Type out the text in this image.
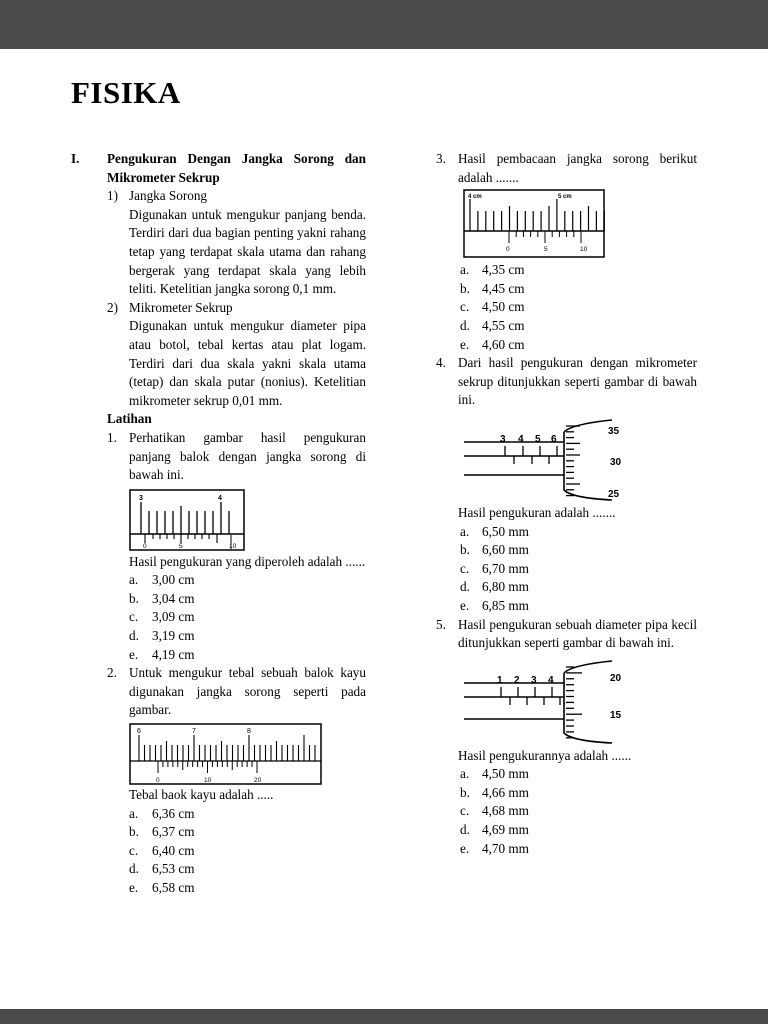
FISIKA
I. Pengukuran Dengan Jangka Sorong dan Mikrometer Sekrup
1) Jangka Sorong
Digunakan untuk mengukur panjang benda. Terdiri dari dua bagian penting yakni rahang tetap yang terdapat skala utama dan rahang bergerak yang terdapat skala yang lebih teliti. Ketelitian jangka sorong 0,1 mm.
2) Mikrometer Sekrup
Digunakan untuk mengukur diameter pipa atau botol, tebal kertas atau plat logam. Terdiri dari dua skala yakni skala utama (tetap) dan skala putar (nonius). Ketelitian mikrometer sekrup 0,01 mm.
Latihan
1. Perhatikan gambar hasil pengukuran panjang balok dengan jangka sorong di bawah ini.
3	4
0	5	10
Hasil pengukuran yang diperoleh adalah ......
a. 3,00 cm
b. 3,04 cm
c. 3,09 cm
d. 3,19 cm
e. 4,19 cm
2. Untuk mengukur tebal sebuah balok kayu digunakan jangka sorong seperti pada gambar.
6	7	8
0	10	20
Tebal baok kayu adalah .....
a. 6,36 cm
b. 6,37 cm
c. 6,40 cm
d. 6,53 cm
e. 6,58 cm
3. Hasil pembacaan jangka sorong berikut adalah .......
4 cm	5 cm
0	5	10
a. 4,35 cm
b. 4,45 cm
c. 4,50 cm
d. 4,55 cm
e. 4,60 cm
4. Dari hasil pengukuran dengan mikrometer sekrup ditunjukkan seperti gambar di bawah ini.
3 4 5 6
35
30
25
Hasil pengukuran adalah .......
a. 6,50 mm
b. 6,60 mm
c. 6,70 mm
d. 6,80 mm
e. 6,85 mm
5. Hasil pengukuran sebuah diameter pipa kecil ditunjukkan seperti gambar di bawah ini.
1 2 3 4	20
15
Hasil pengukurannya adalah ......
a. 4,50 mm
b. 4,66 mm
c. 4,68 mm
d. 4,69 mm
e. 4,70 mm
